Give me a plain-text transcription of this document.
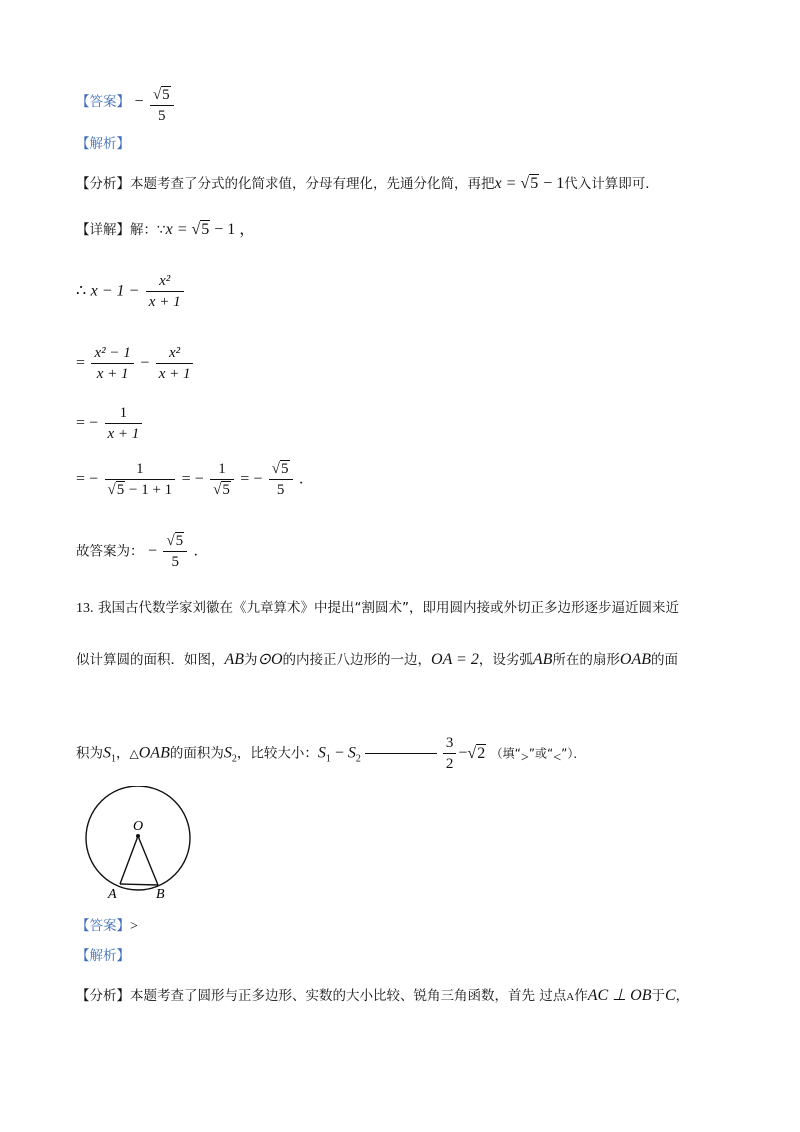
【答案】 − $\frac{√5}{5}$
【解析】
【分析】本题考查了分式的化简求值，分母有理化，先通分化简，再把x = √5 − 1代入计算即可．
【详解】解：∵x = √5 − 1 ，
∴ $x - 1 - \frac{\text{x²}}{x + 1}$
= $\frac{\text{x² − 1}}{x + 1} - \frac{\text{x²}}{x + 1}$
= − $\frac{1}{x + 1}$
= − $\frac{1}{√5 - 1 + 1}$ = − $\frac{1}{√5}$ = − $\frac{√5}{5}$ ．
故答案为： − $\frac{√5}{5}$ ．
13. 我国古代数学家刘徽在《九章算术》中提出“割圆术”，即用圆内接或外切正多边形逐步逼近圆来近
似计算圆的面积．如图，AB为⊙O的内接正八边形的一边，OA = 2，设劣弧AB所在的扇形OAB的面
积为$S_1$，△OAB的面积为$S_2$，比较大小：$S_1 - S_2$	$\frac{3}{2} -√2$ （填“>”或“<”）．
O
A	B
【答案】>
【解析】
【分析】本题考查了圆形与正多边形、实数的大小比较、锐角三角函数，首先 过点A作AC ⊥ OB于C，
